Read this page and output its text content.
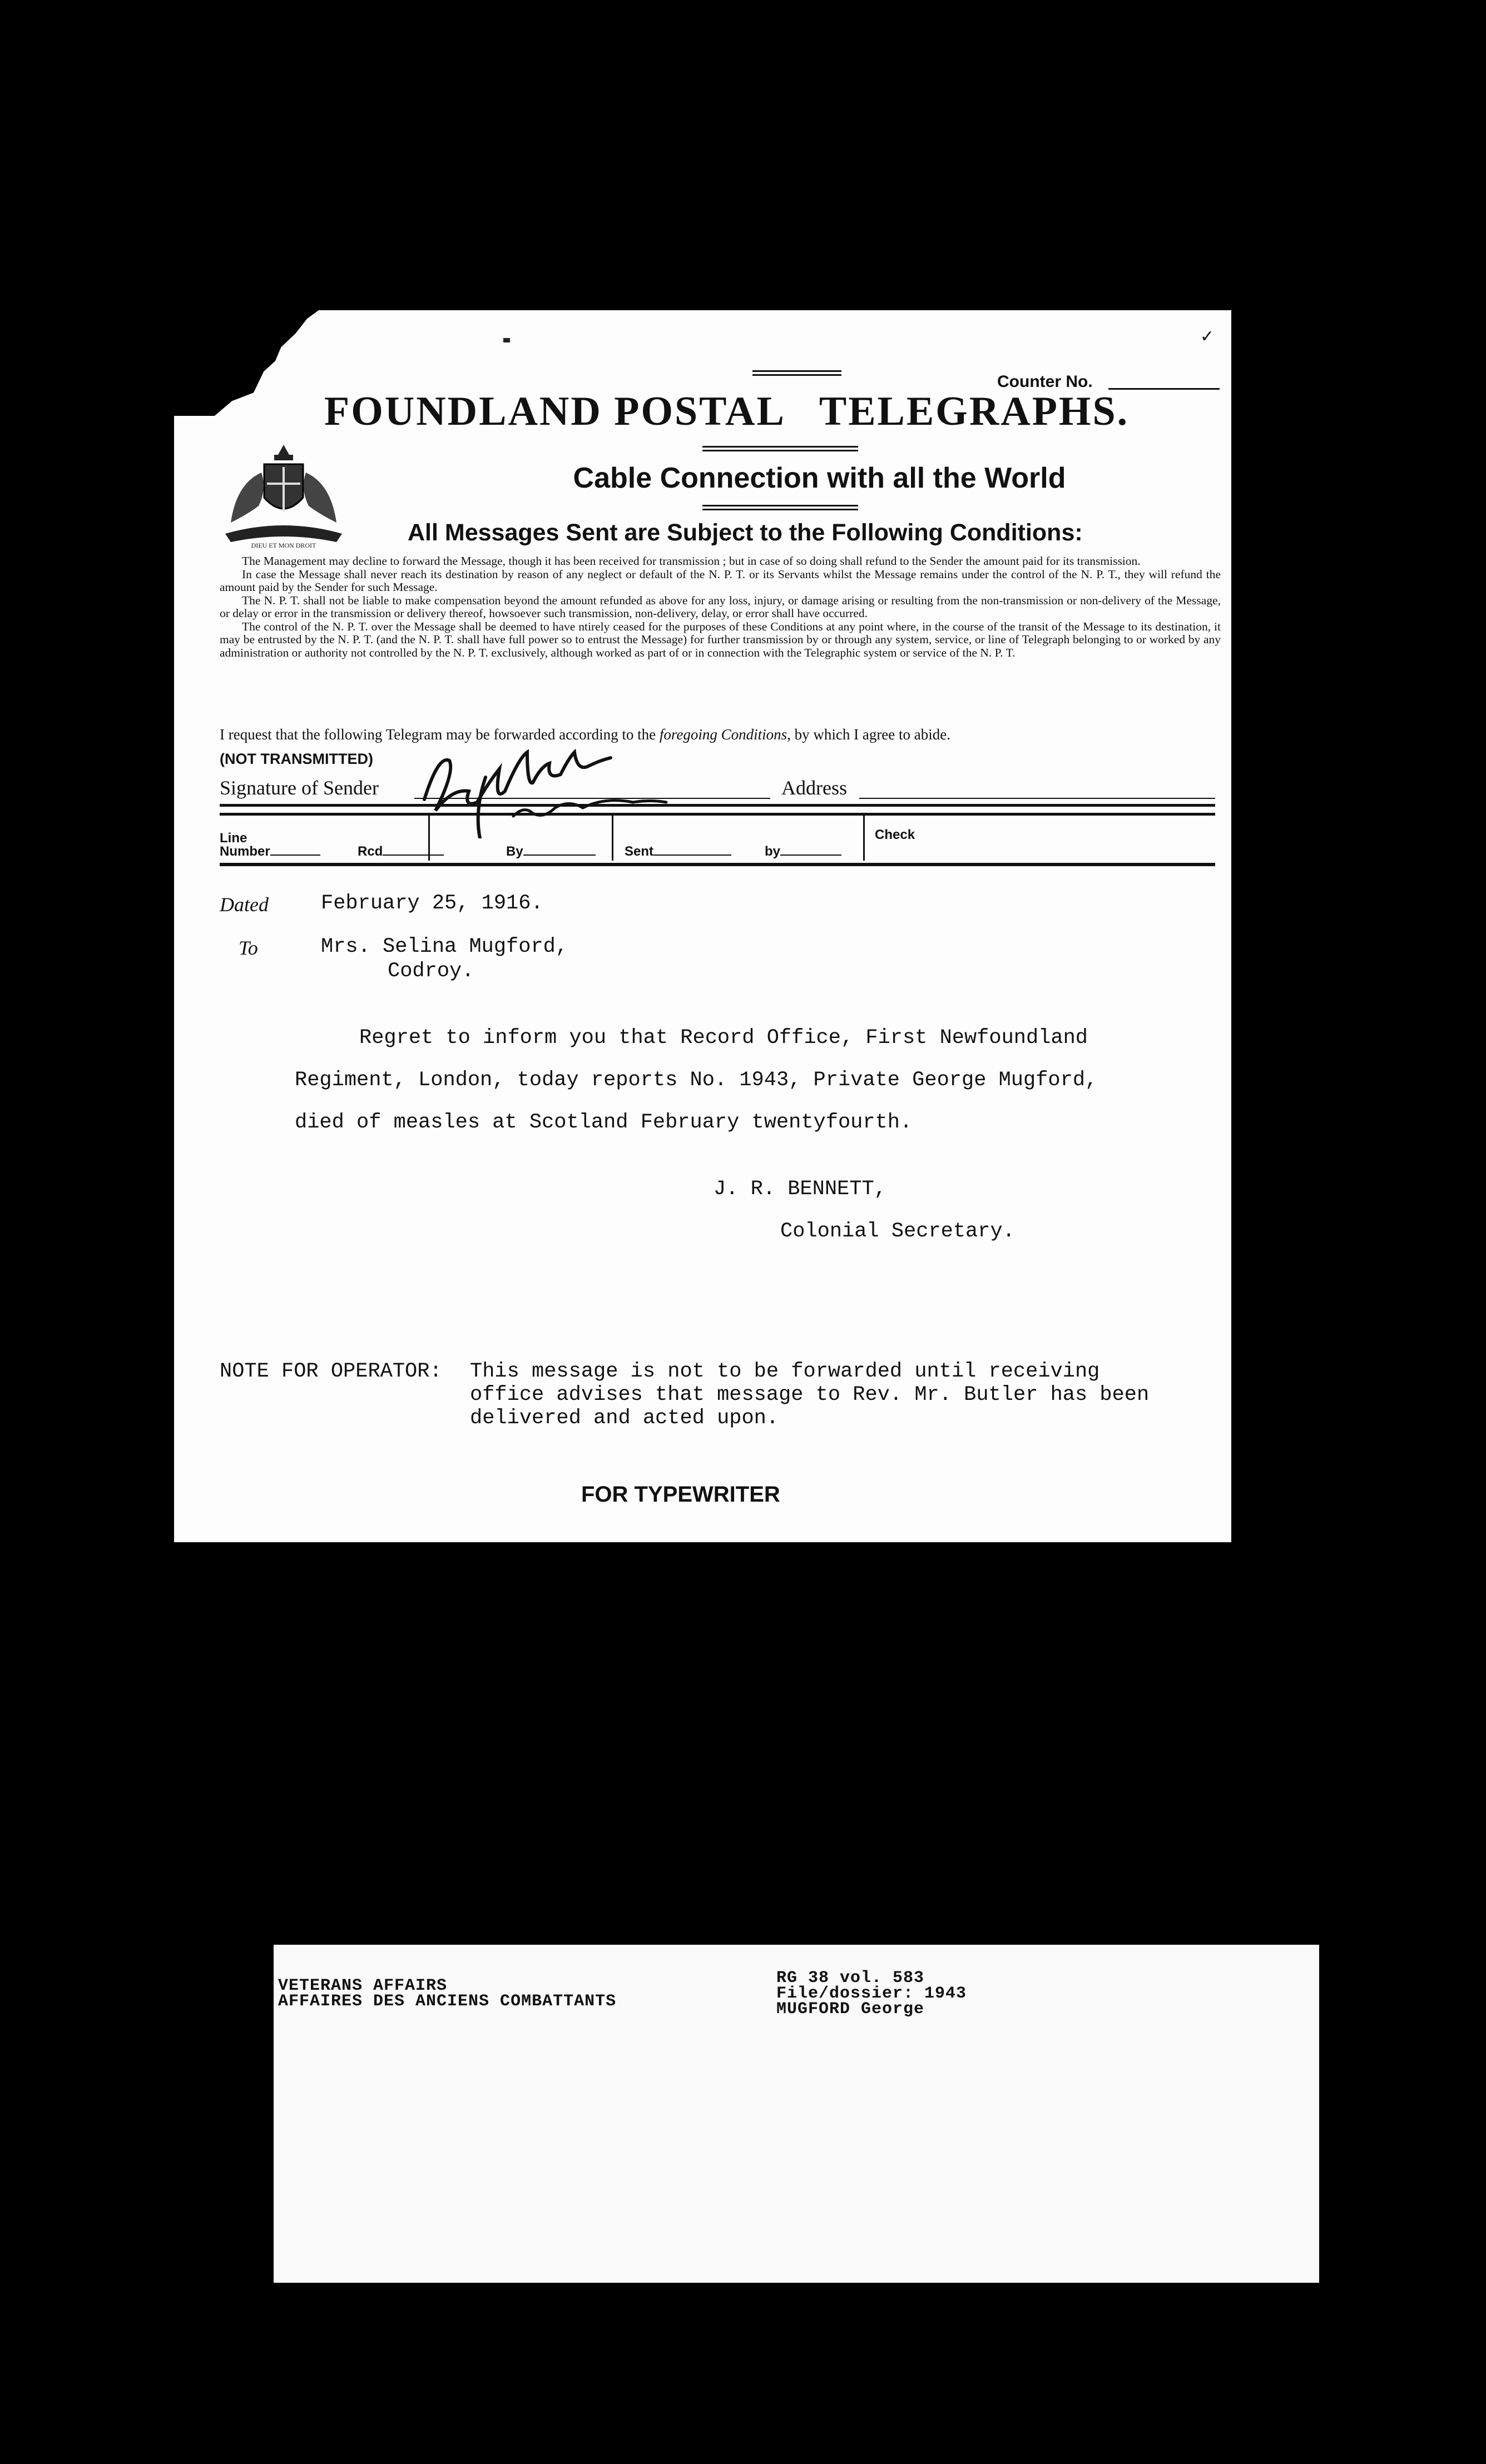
✓
Counter No.
FOUNDLAND POSTAL TELEGRAPHS.
Cable Connection with all the World
DIEU ET MON DROIT	All Messages Sent are Subject to the Following Conditions:

The Management may decline to forward the Message, though it has been received for transmission ; but in case of so doing shall refund to the Sender the amount paid for its transmission.

In case the Message shall never reach its destination by reason of any neglect or default of the N. P. T. or its Servants whilst the Message remains under the control of the N. P. T., they will refund the amount paid by the Sender for such Message.

The N. P. T. shall not be liable to make compensation beyond the amount refunded as above for any loss, injury, or damage arising or resulting from the non-transmission or non-delivery of the Message, or delay or error in the transmission or delivery thereof, howsoever such transmission, non-delivery, delay, or error shall have occurred.

The control of the N. P. T. over the Message shall be deemed to have ntirely ceased for the purposes of these Conditions at any point where, in the course of the transit of the Message to its destination, it may be entrusted by the N. P. T. (and the N. P. T. shall have full power so to entrust the Message) for further transmission by or through any system, service, or line of Telegraph belonging to or worked by any administration or authority not controlled by the N. P. T. exclusively, although worked as part of or in connection with the Telegraphic system or service of the N. P. T.

I request that the following Telegram may be forwarded according to the foregoing Conditions, by which I agree to abide.
(NOT TRANSMITTED)
Signature of Sender	Address
Line
Number	Rcd	By	Sent	by
Check
Dated	February 25, 1916.
To	Mrs. Selina Mugford,
Codroy.
Regret to inform you that Record Office, First Newfoundland
Regiment, London, today reports No. 1943, Private George Mugford,
died of measles at Scotland February twentyfourth.
J. R. BENNETT,
Colonial Secretary.
NOTE FOR OPERATOR: This message is not to be forwarded until receiving
office advises that message to Rev. Mr. Butler has been
delivered and acted upon.
FOR TYPEWRITER
VETERANS AFFAIRS
AFFAIRES DES ANCIENS COMBATTANTS
RG 38 vol. 583
File/dossier: 1943
MUGFORD George
